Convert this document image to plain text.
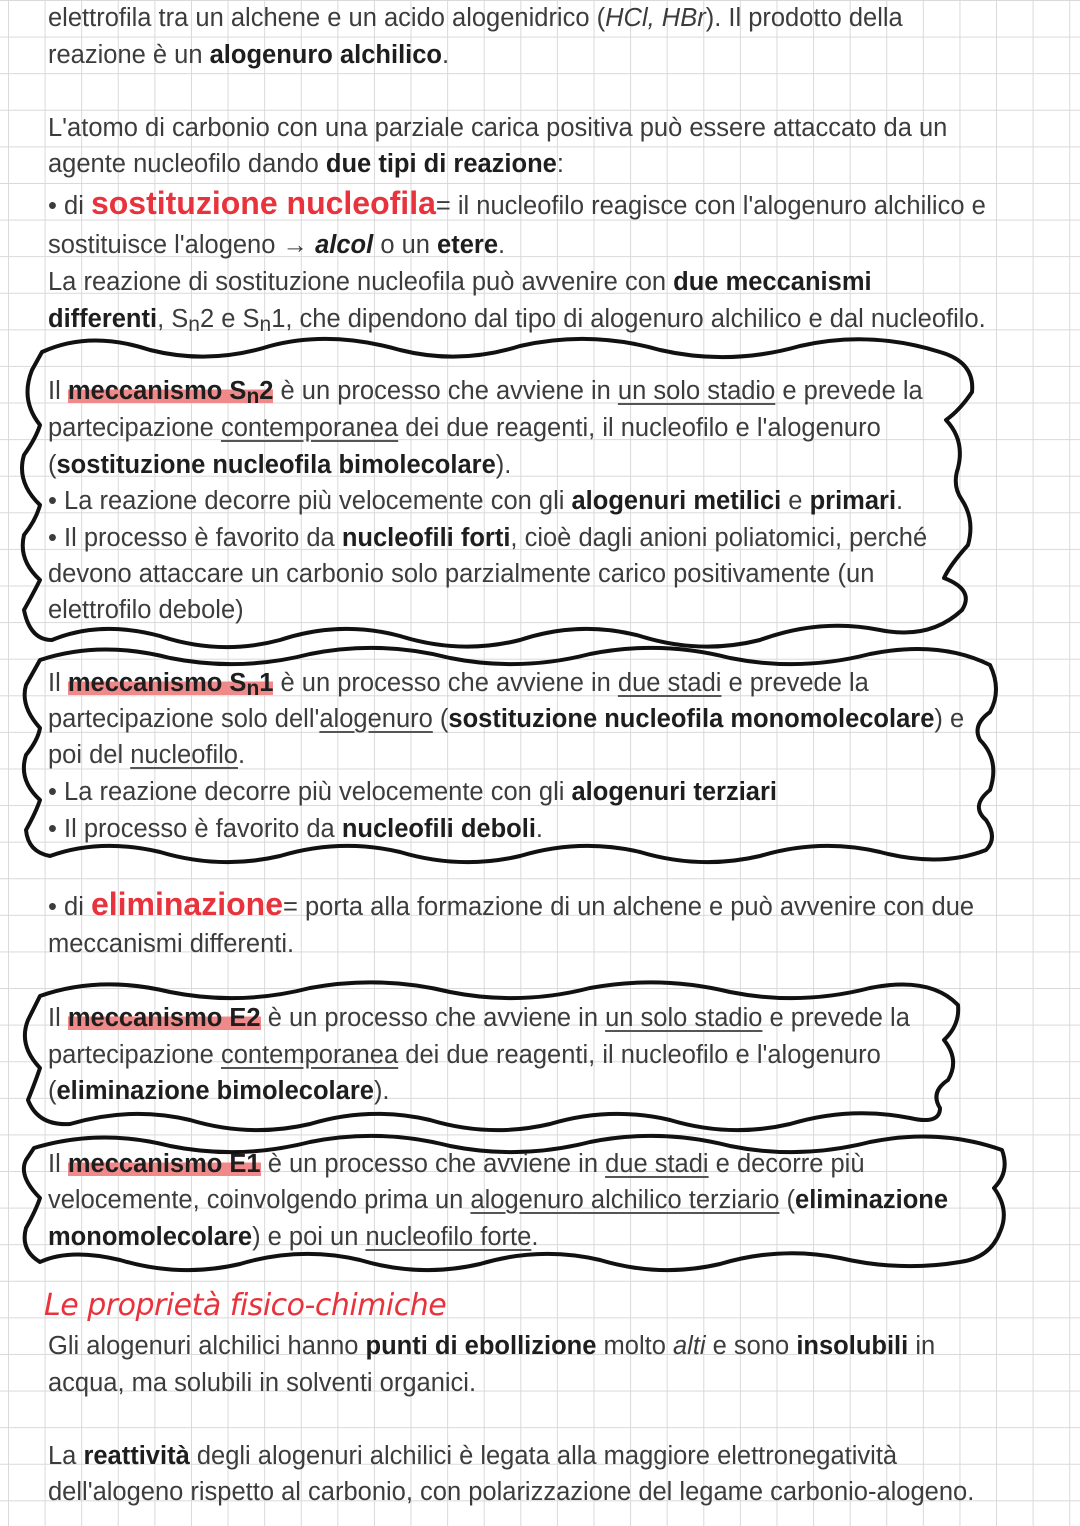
elettrofila tra un alchene e un acido alogenidrico (HCl, HBr). Il prodotto della
reazione è un alogenuro alchilico.
L'atomo di carbonio con una parziale carica positiva può essere attaccato da un
agente nucleofilo dando due tipi di reazione:
• di sostituzione nucleofila= il nucleofilo reagisce con l'alogenuro alchilico e
sostituisce l'alogeno → alcol o un etere.
La reazione di sostituzione nucleofila può avvenire con due meccanismi
differenti, Sn2 e Sn1, che dipendono dal tipo di alogenuro alchilico e dal nucleofilo.
Il meccanismo Sn2 è un processo che avviene in un solo stadio e prevede la
partecipazione contemporanea dei due reagenti, il nucleofilo e l'alogenuro
(sostituzione nucleofila bimolecolare).
• La reazione decorre più velocemente con gli alogenuri metilici e primari.
• Il processo è favorito da nucleofili forti, cioè dagli anioni poliatomici, perché
devono attaccare un carbonio solo parzialmente carico positivamente (un
elettrofilo debole)
Il meccanismo Sn1 è un processo che avviene in due stadi e prevede la
partecipazione solo dell'alogenuro (sostituzione nucleofila monomolecolare) e
poi del nucleofilo.
• La reazione decorre più velocemente con gli alogenuri terziari
• Il processo è favorito da nucleofili deboli.
• di eliminazione= porta alla formazione di un alchene e può avvenire con due
meccanismi differenti.
Il meccanismo E2 è un processo che avviene in un solo stadio e prevede la
partecipazione contemporanea dei due reagenti, il nucleofilo e l'alogenuro
(eliminazione bimolecolare).
Il meccanismo E1 è un processo che avviene in due stadi e decorre più
velocemente, coinvolgendo prima un alogenuro alchilico terziario (eliminazione
monomolecolare) e poi un nucleofilo forte.
Le proprietà fisico-chimiche
Gli alogenuri alchilici hanno punti di ebollizione molto alti e sono insolubili in
acqua, ma solubili in solventi organici.
La reattività degli alogenuri alchilici è legata alla maggiore elettronegatività
dell'alogeno rispetto al carbonio, con polarizzazione del legame carbonio-alogeno.
